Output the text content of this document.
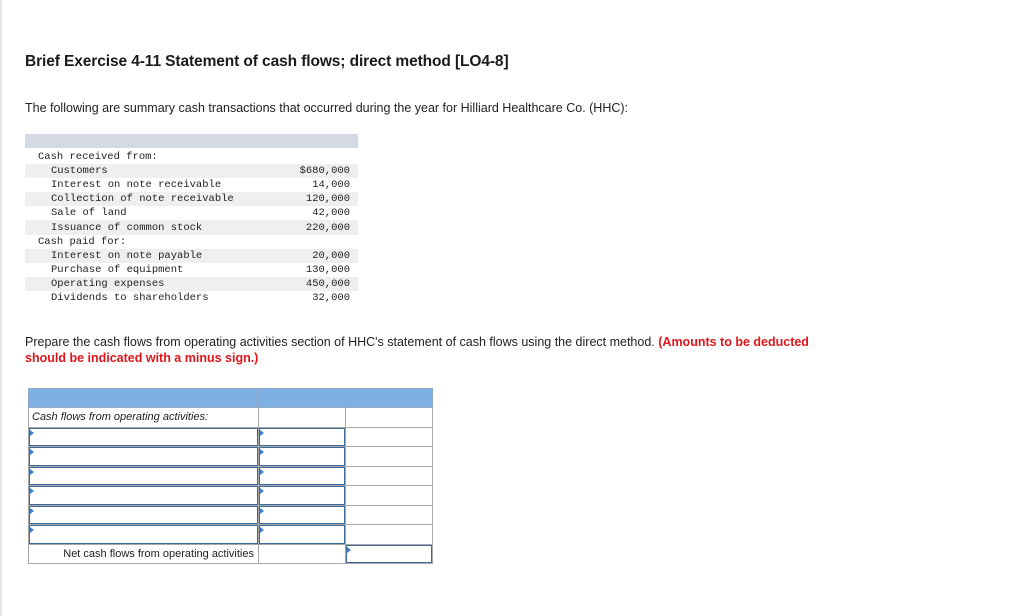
Brief Exercise 4-11 Statement of cash flows; direct method [LO4-8]
The following are summary cash transactions that occurred during the year for Hilliard Healthcare Co. (HHC):
Cash received from:
Customers	$680,000
Interest on note receivable	14,000
Collection of note receivable	120,000
Sale of land	42,000
Issuance of common stock	220,000
Cash paid for:
Interest on note payable	20,000
Purchase of equipment	130,000
Operating expenses	450,000
Dividends to shareholders	32,000
Prepare the cash flows from operating activities section of HHC's statement of cash flows using the direct method. (Amounts to be deducted should be indicated with a minus sign.)

Cash flows from operating activities:		

Net cash flows from operating activities		
